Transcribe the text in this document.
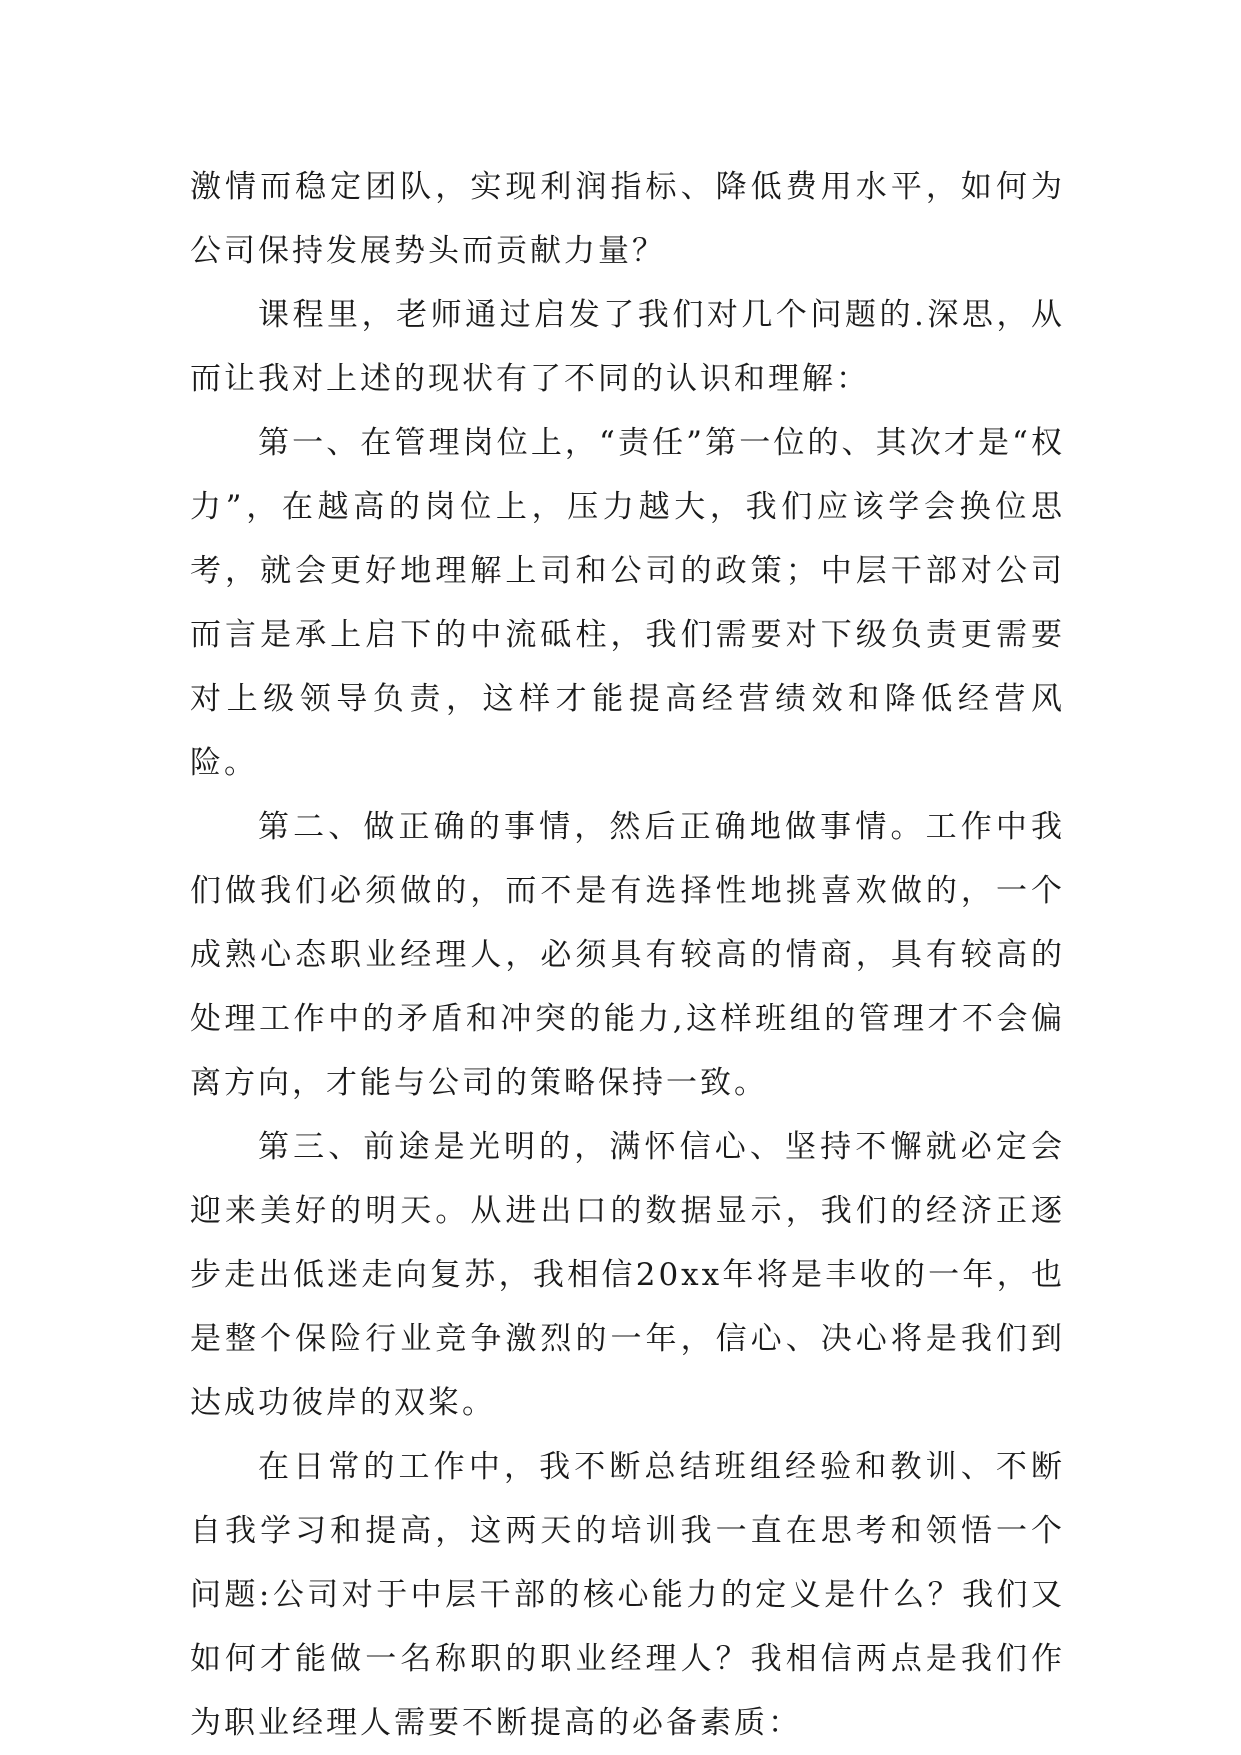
激情而稳定团队，实现利润指标、降低费用水平，如何为公司保持发展势头而贡献力量？

课程里，老师通过启发了我们对几个问题的.深思，从而让我对上述的现状有了不同的认识和理解：

第一、在管理岗位上，“责任”第一位的、其次才是“权力”，在越高的岗位上，压力越大，我们应该学会换位思考，就会更好地理解上司和公司的政策；中层干部对公司而言是承上启下的中流砥柱，我们需要对下级负责更需要对上级领导负责，这样才能提高经营绩效和降低经营风险。

第二、做正确的事情，然后正确地做事情。工作中我们做我们必须做的，而不是有选择性地挑喜欢做的，一个成熟心态职业经理人，必须具有较高的情商，具有较高的处理工作中的矛盾和冲突的能力,这样班组的管理才不会偏离方向，才能与公司的策略保持一致。

第三、前途是光明的，满怀信心、坚持不懈就必定会迎来美好的明天。从进出口的数据显示，我们的经济正逐步走出低迷走向复苏，我相信20xx年将是丰收的一年，也是整个保险行业竞争激烈的一年，信心、决心将是我们到达成功彼岸的双桨。

在日常的工作中，我不断总结班组经验和教训、不断自我学习和提高，这两天的培训我一直在思考和领悟一个问题:公司对于中层干部的核心能力的定义是什么？我们又如何才能做一名称职的职业经理人？我相信两点是我们作为职业经理人需要不断提高的必备素质：
